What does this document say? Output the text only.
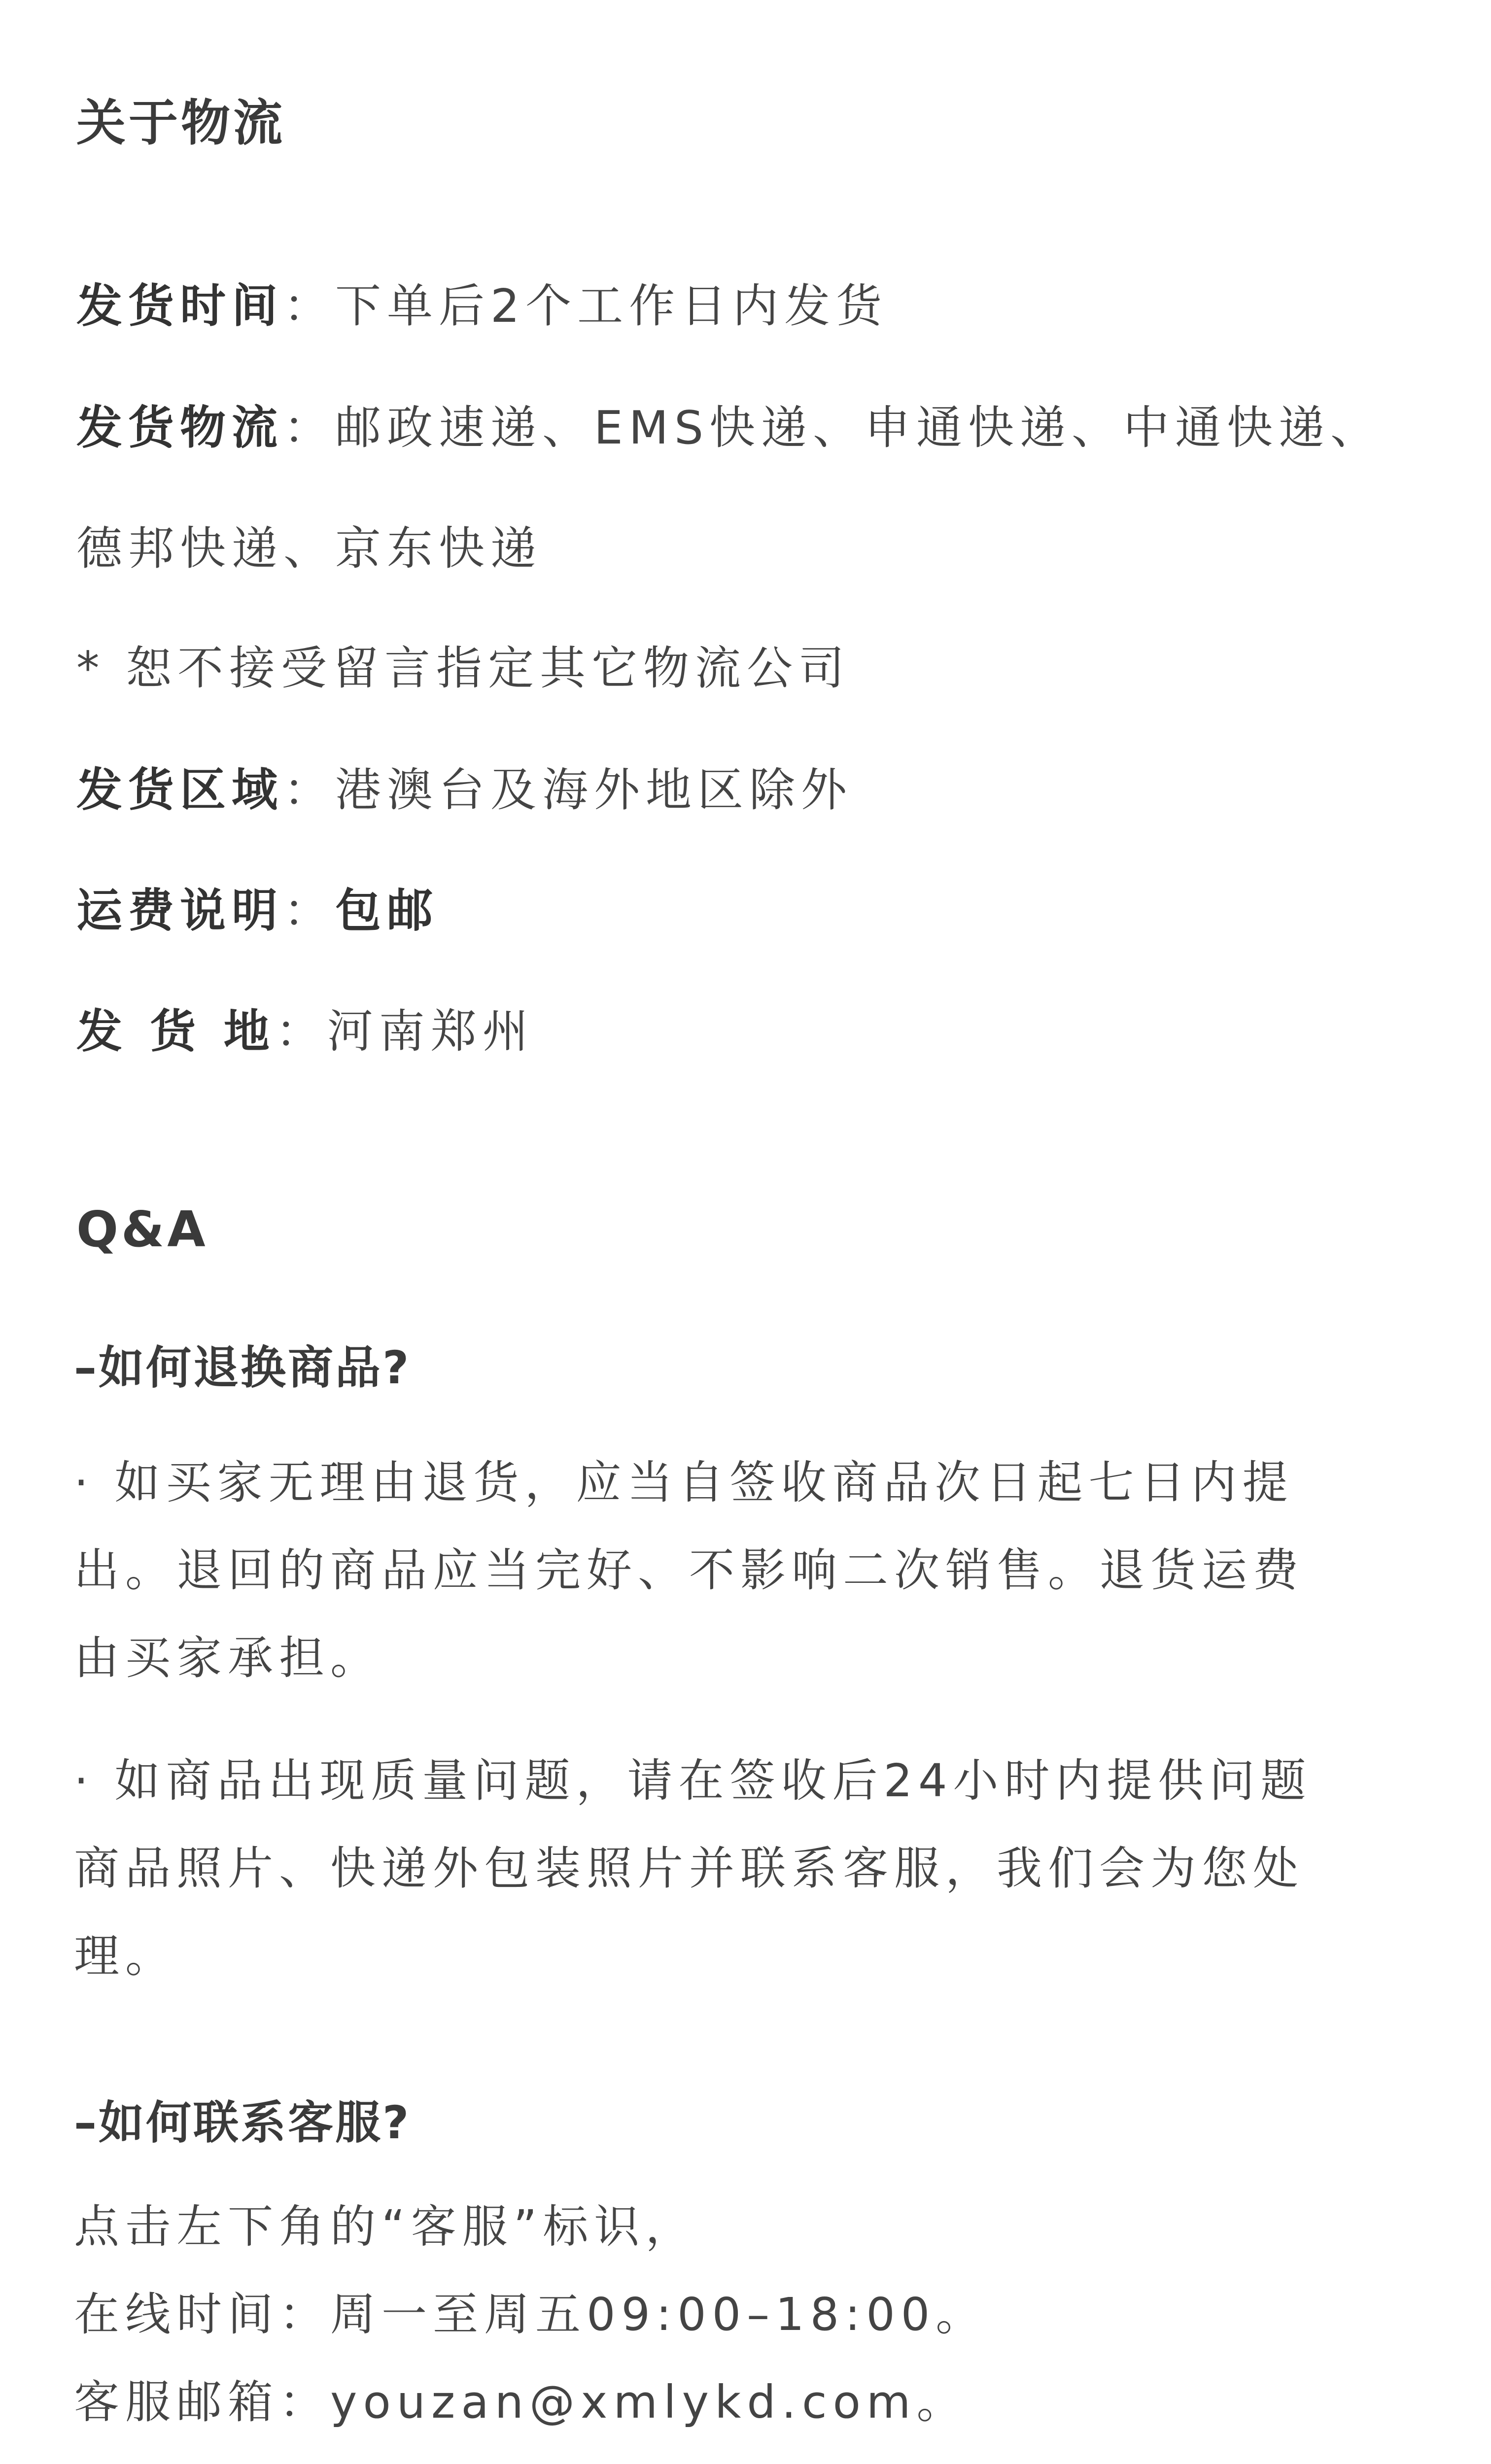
关于物流
发货时间：下单后2个工作日内发货
发货物流：邮政速递、EMS快递、申通快递、中通快递、
德邦快递、京东快递
* 恕不接受留言指定其它物流公司
发货区域：港澳台及海外地区除外
运费说明：包邮
发 货 地：河南郑州
Q&A
–如何退换商品?
· 如买家无理由退货，应当自签收商品次日起七日内提
出。退回的商品应当完好、不影响二次销售。退货运费
由买家承担。
· 如商品出现质量问题，请在签收后24小时内提供问题
商品照片、快递外包装照片并联系客服，我们会为您处
理。
–如何联系客服?
点击左下角的“客服”标识，
在线时间：周一至周五09:00–18:00。
客服邮箱：youzan@xmlykd.com。
